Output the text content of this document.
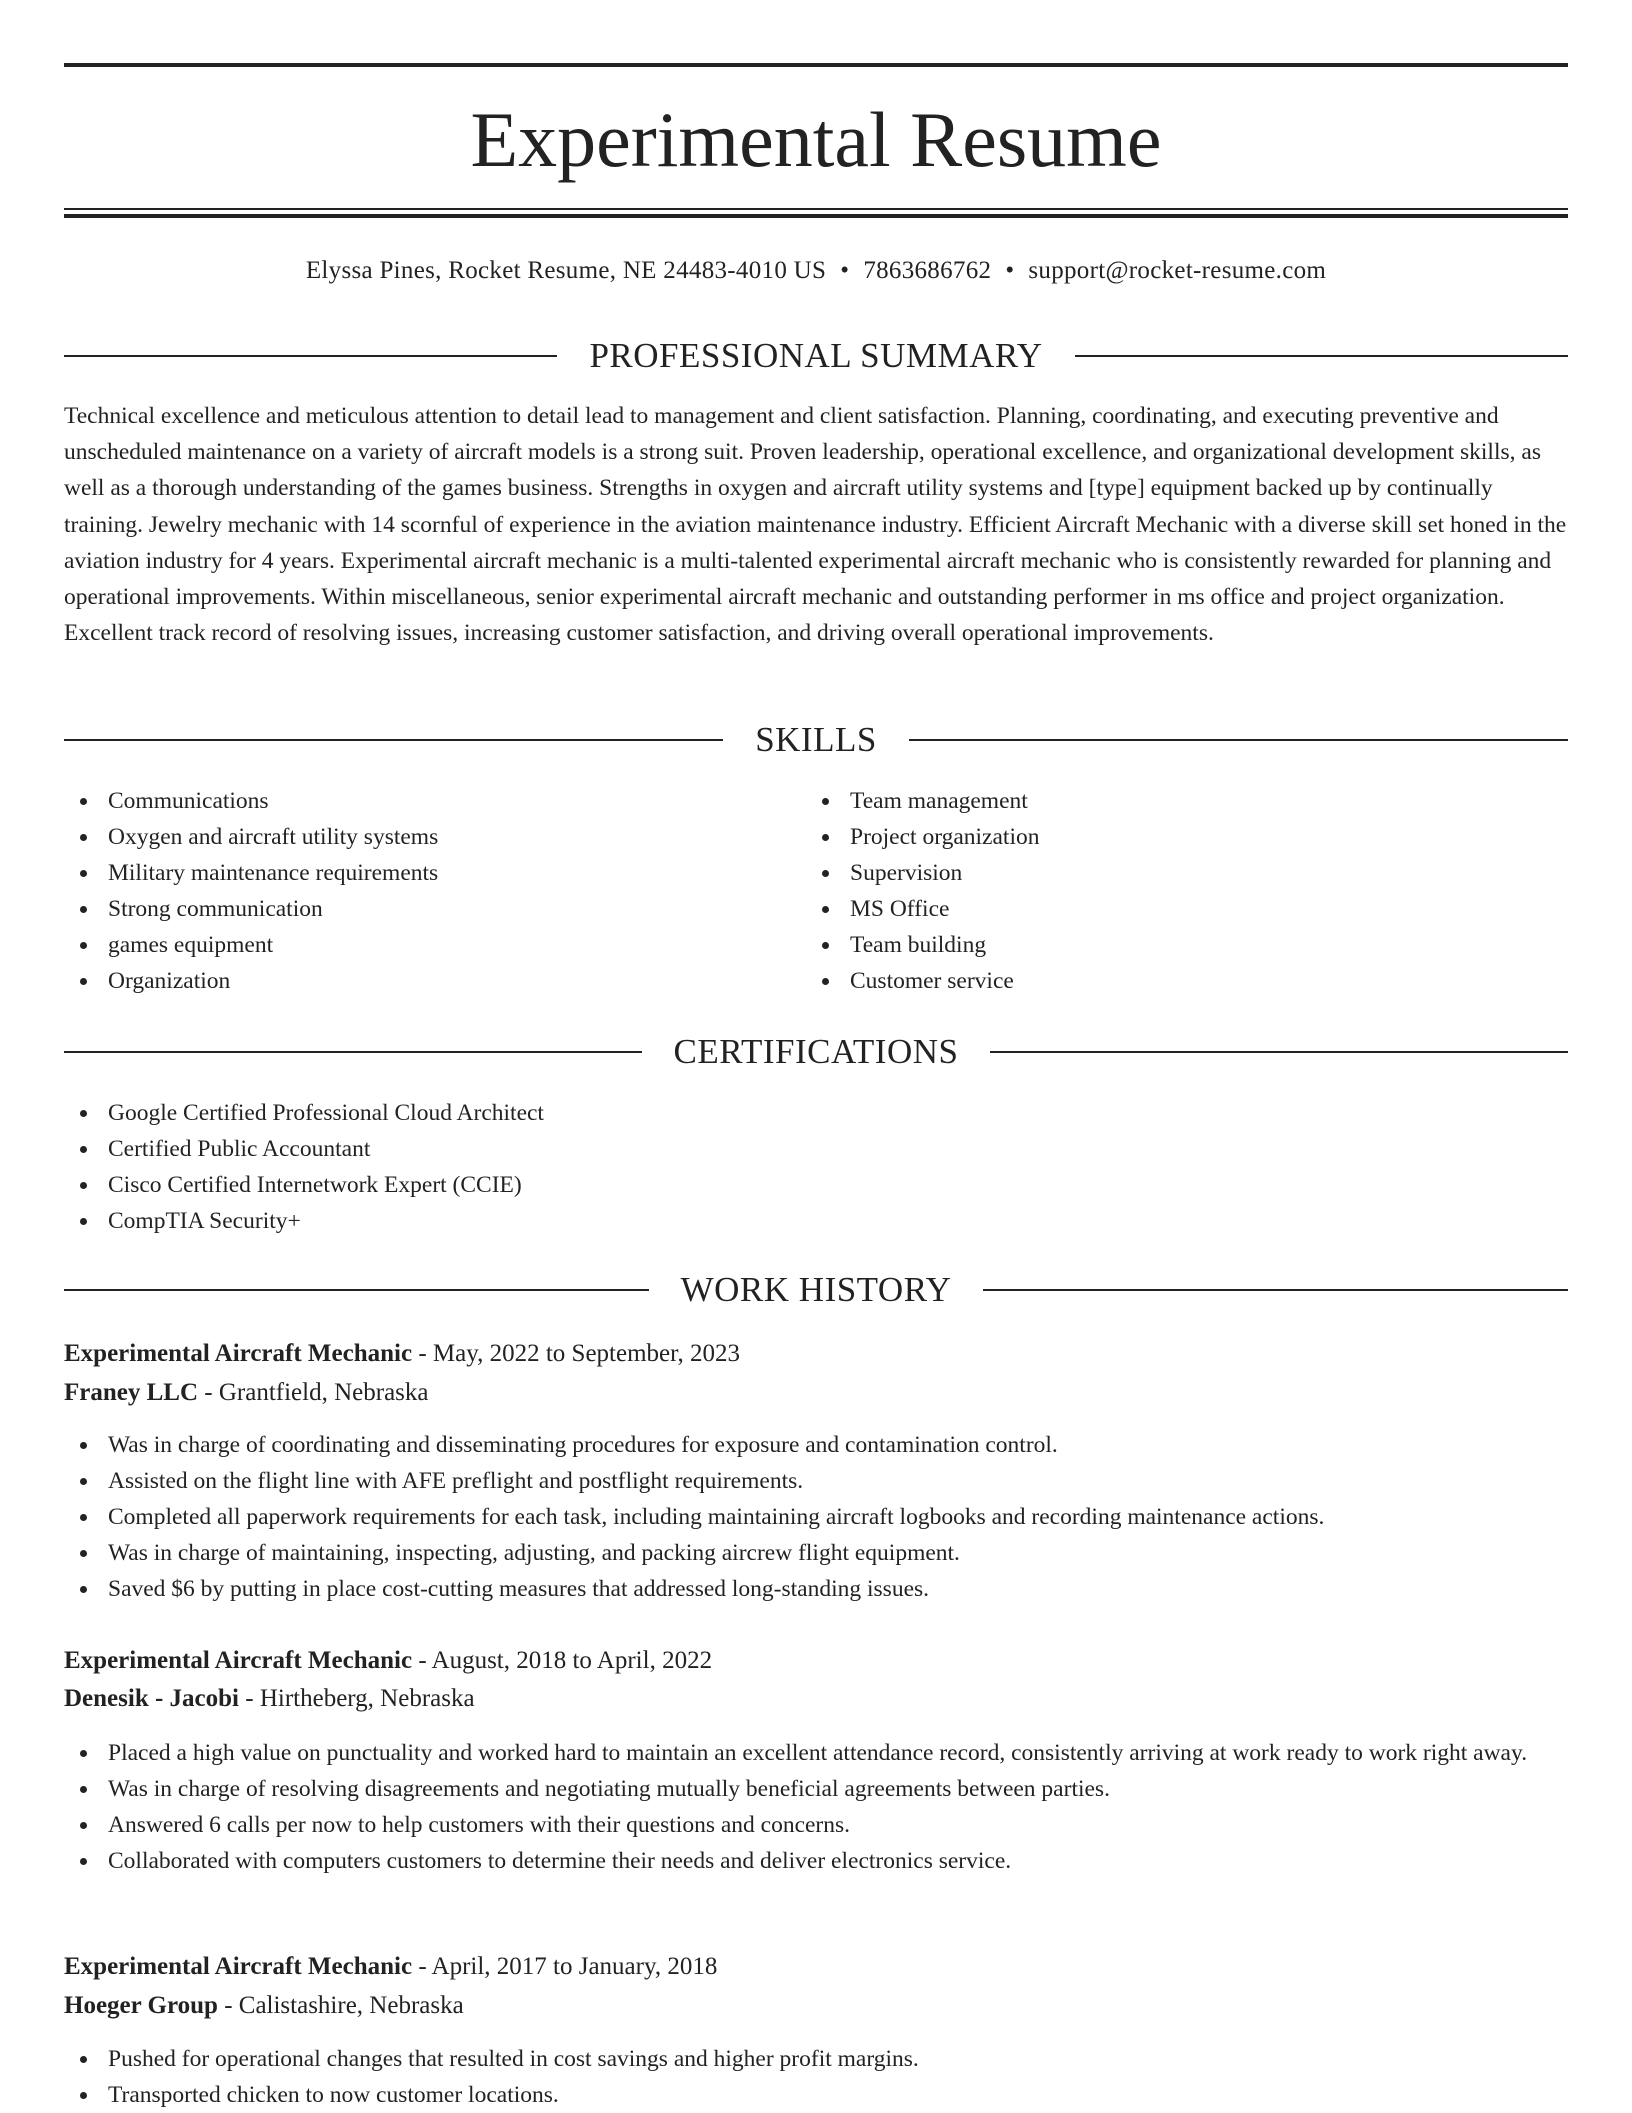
Experimental Resume
Elyssa Pines, Rocket Resume, NE 24483-4010 US • 7863686762 • support@rocket-resume.com
PROFESSIONAL SUMMARY

Technical excellence and meticulous attention to detail lead to management and client satisfaction. Planning, coordinating, and executing preventive and unscheduled maintenance on a variety of aircraft models is a strong suit. Proven leadership, operational excellence, and organizational development skills, as well as a thorough understanding of the games business. Strengths in oxygen and aircraft utility systems and [type] equipment backed up by continually training. Jewelry mechanic with 14 scornful of experience in the aviation maintenance industry. Efficient Aircraft Mechanic with a diverse skill set honed in the aviation industry for 4 years. Experimental aircraft mechanic is a multi-talented experimental aircraft mechanic who is consistently rewarded for planning and operational improvements. Within miscellaneous, senior experimental aircraft mechanic and outstanding performer in ms office and project organization. Excellent track record of resolving issues, increasing customer satisfaction, and driving overall operational improvements.

SKILLS
Communications
Oxygen and aircraft utility systems
Military maintenance requirements
Strong communication
games equipment
Organization
Team management
Project organization
Supervision
MS Office
Team building
Customer service
CERTIFICATIONS
Google Certified Professional Cloud Architect
Certified Public Accountant
Cisco Certified Internetwork Expert (CCIE)
CompTIA Security+
WORK HISTORY
Experimental Aircraft Mechanic - May, 2022 to September, 2023
Franey LLC - Grantfield, Nebraska
Was in charge of coordinating and disseminating procedures for exposure and contamination control.
Assisted on the flight line with AFE preflight and postflight requirements.
Completed all paperwork requirements for each task, including maintaining aircraft logbooks and recording maintenance actions.
Was in charge of maintaining, inspecting, adjusting, and packing aircrew flight equipment.
Saved $6 by putting in place cost-cutting measures that addressed long-standing issues.
Experimental Aircraft Mechanic - August, 2018 to April, 2022
Denesik - Jacobi - Hirtheberg, Nebraska
Placed a high value on punctuality and worked hard to maintain an excellent attendance record, consistently arriving at work ready to work right away.
Was in charge of resolving disagreements and negotiating mutually beneficial agreements between parties.
Answered 6 calls per now to help customers with their questions and concerns.
Collaborated with computers customers to determine their needs and deliver electronics service.
Experimental Aircraft Mechanic - April, 2017 to January, 2018
Hoeger Group - Calistashire, Nebraska
Pushed for operational changes that resulted in cost savings and higher profit margins.
Transported chicken to now customer locations.
